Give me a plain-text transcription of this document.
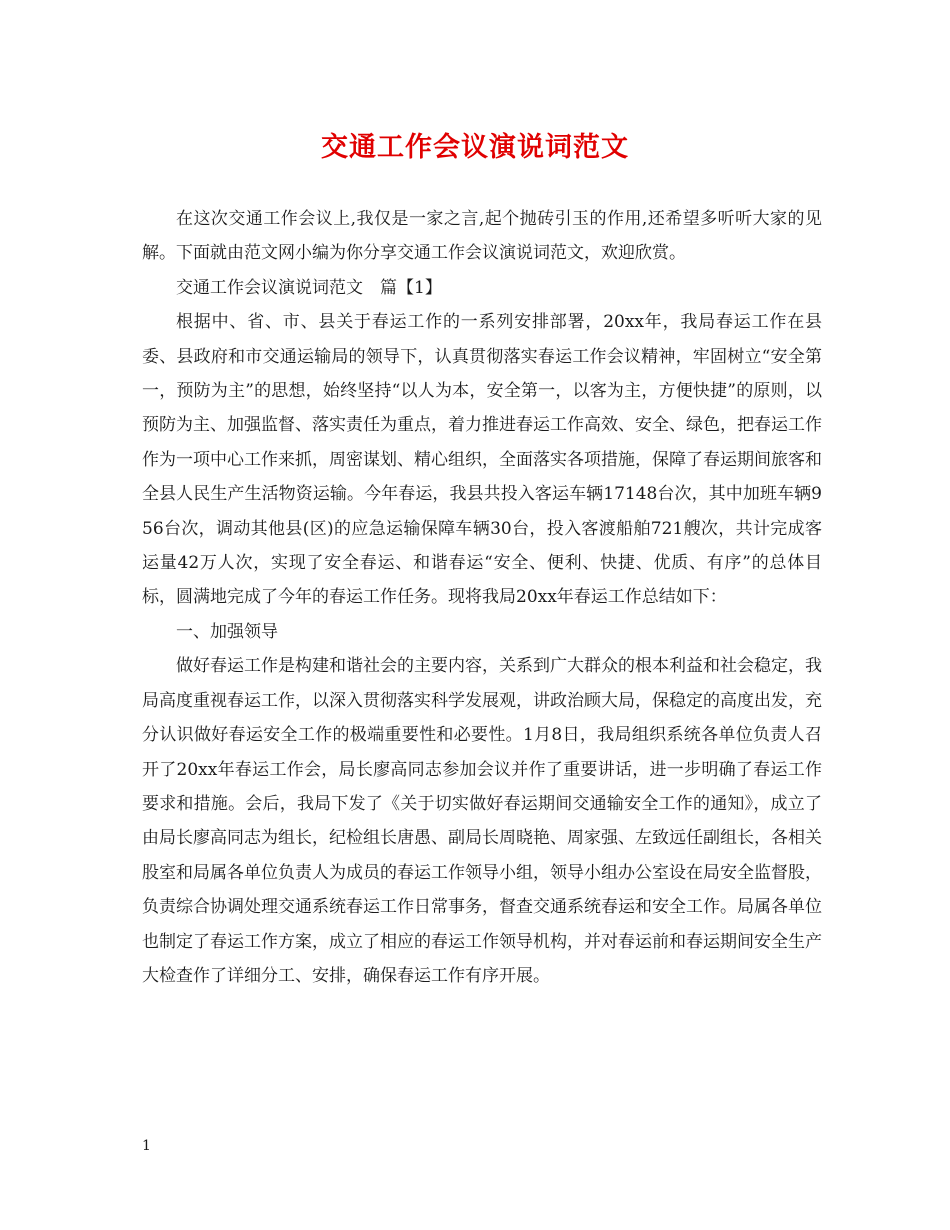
交通工作会议演说词范文

在这次交通工作会议上,我仅是一家之言,起个抛砖引玉的作用,还希望多听听大家的见解。下面就由范文网小编为你分享交通工作会议演说词范文，欢迎欣赏。

交通工作会议演说词范文　篇【1】

根据中、省、市、县关于春运工作的一系列安排部署，20xx年，我局春运工作在县委、县政府和市交通运输局的领导下，认真贯彻落实春运工作会议精神，牢固树立“安全第一，预防为主”的思想，始终坚持“以人为本，安全第一，以客为主，方便快捷”的原则，以预防为主、加强监督、落实责任为重点，着力推进春运工作高效、安全、绿色，把春运工作作为一项中心工作来抓，周密谋划、精心组织，全面落实各项措施，保障了春运期间旅客和全县人民生产生活物资运输。今年春运，我县共投入客运车辆17148台次，其中加班车辆956台次，调动其他县(区)的应急运输保障车辆30台，投入客渡船舶721艘次，共计完成客运量42万人次，实现了安全春运、和谐春运“安全、便利、快捷、优质、有序”的总体目标，圆满地完成了今年的春运工作任务。现将我局20xx年春运工作总结如下：

一、加强领导

做好春运工作是构建和谐社会的主要内容，关系到广大群众的根本利益和社会稳定，我局高度重视春运工作，以深入贯彻落实科学发展观，讲政治顾大局，保稳定的高度出发，充分认识做好春运安全工作的极端重要性和必要性。1月8日，我局组织系统各单位负责人召开了20xx年春运工作会，局长廖高同志参加会议并作了重要讲话，进一步明确了春运工作要求和措施。会后，我局下发了《关于切实做好春运期间交通输安全工作的通知》，成立了由局长廖高同志为组长，纪检组长唐愚、副局长周晓艳、周家强、左致远任副组长，各相关股室和局属各单位负责人为成员的春运工作领导小组，领导小组办公室设在局安全监督股，负责综合协调处理交通系统春运工作日常事务，督查交通系统春运和安全工作。局属各单位也制定了春运工作方案，成立了相应的春运工作领导机构，并对春运前和春运期间安全生产大检查作了详细分工、安排，确保春运工作有序开展。

1
